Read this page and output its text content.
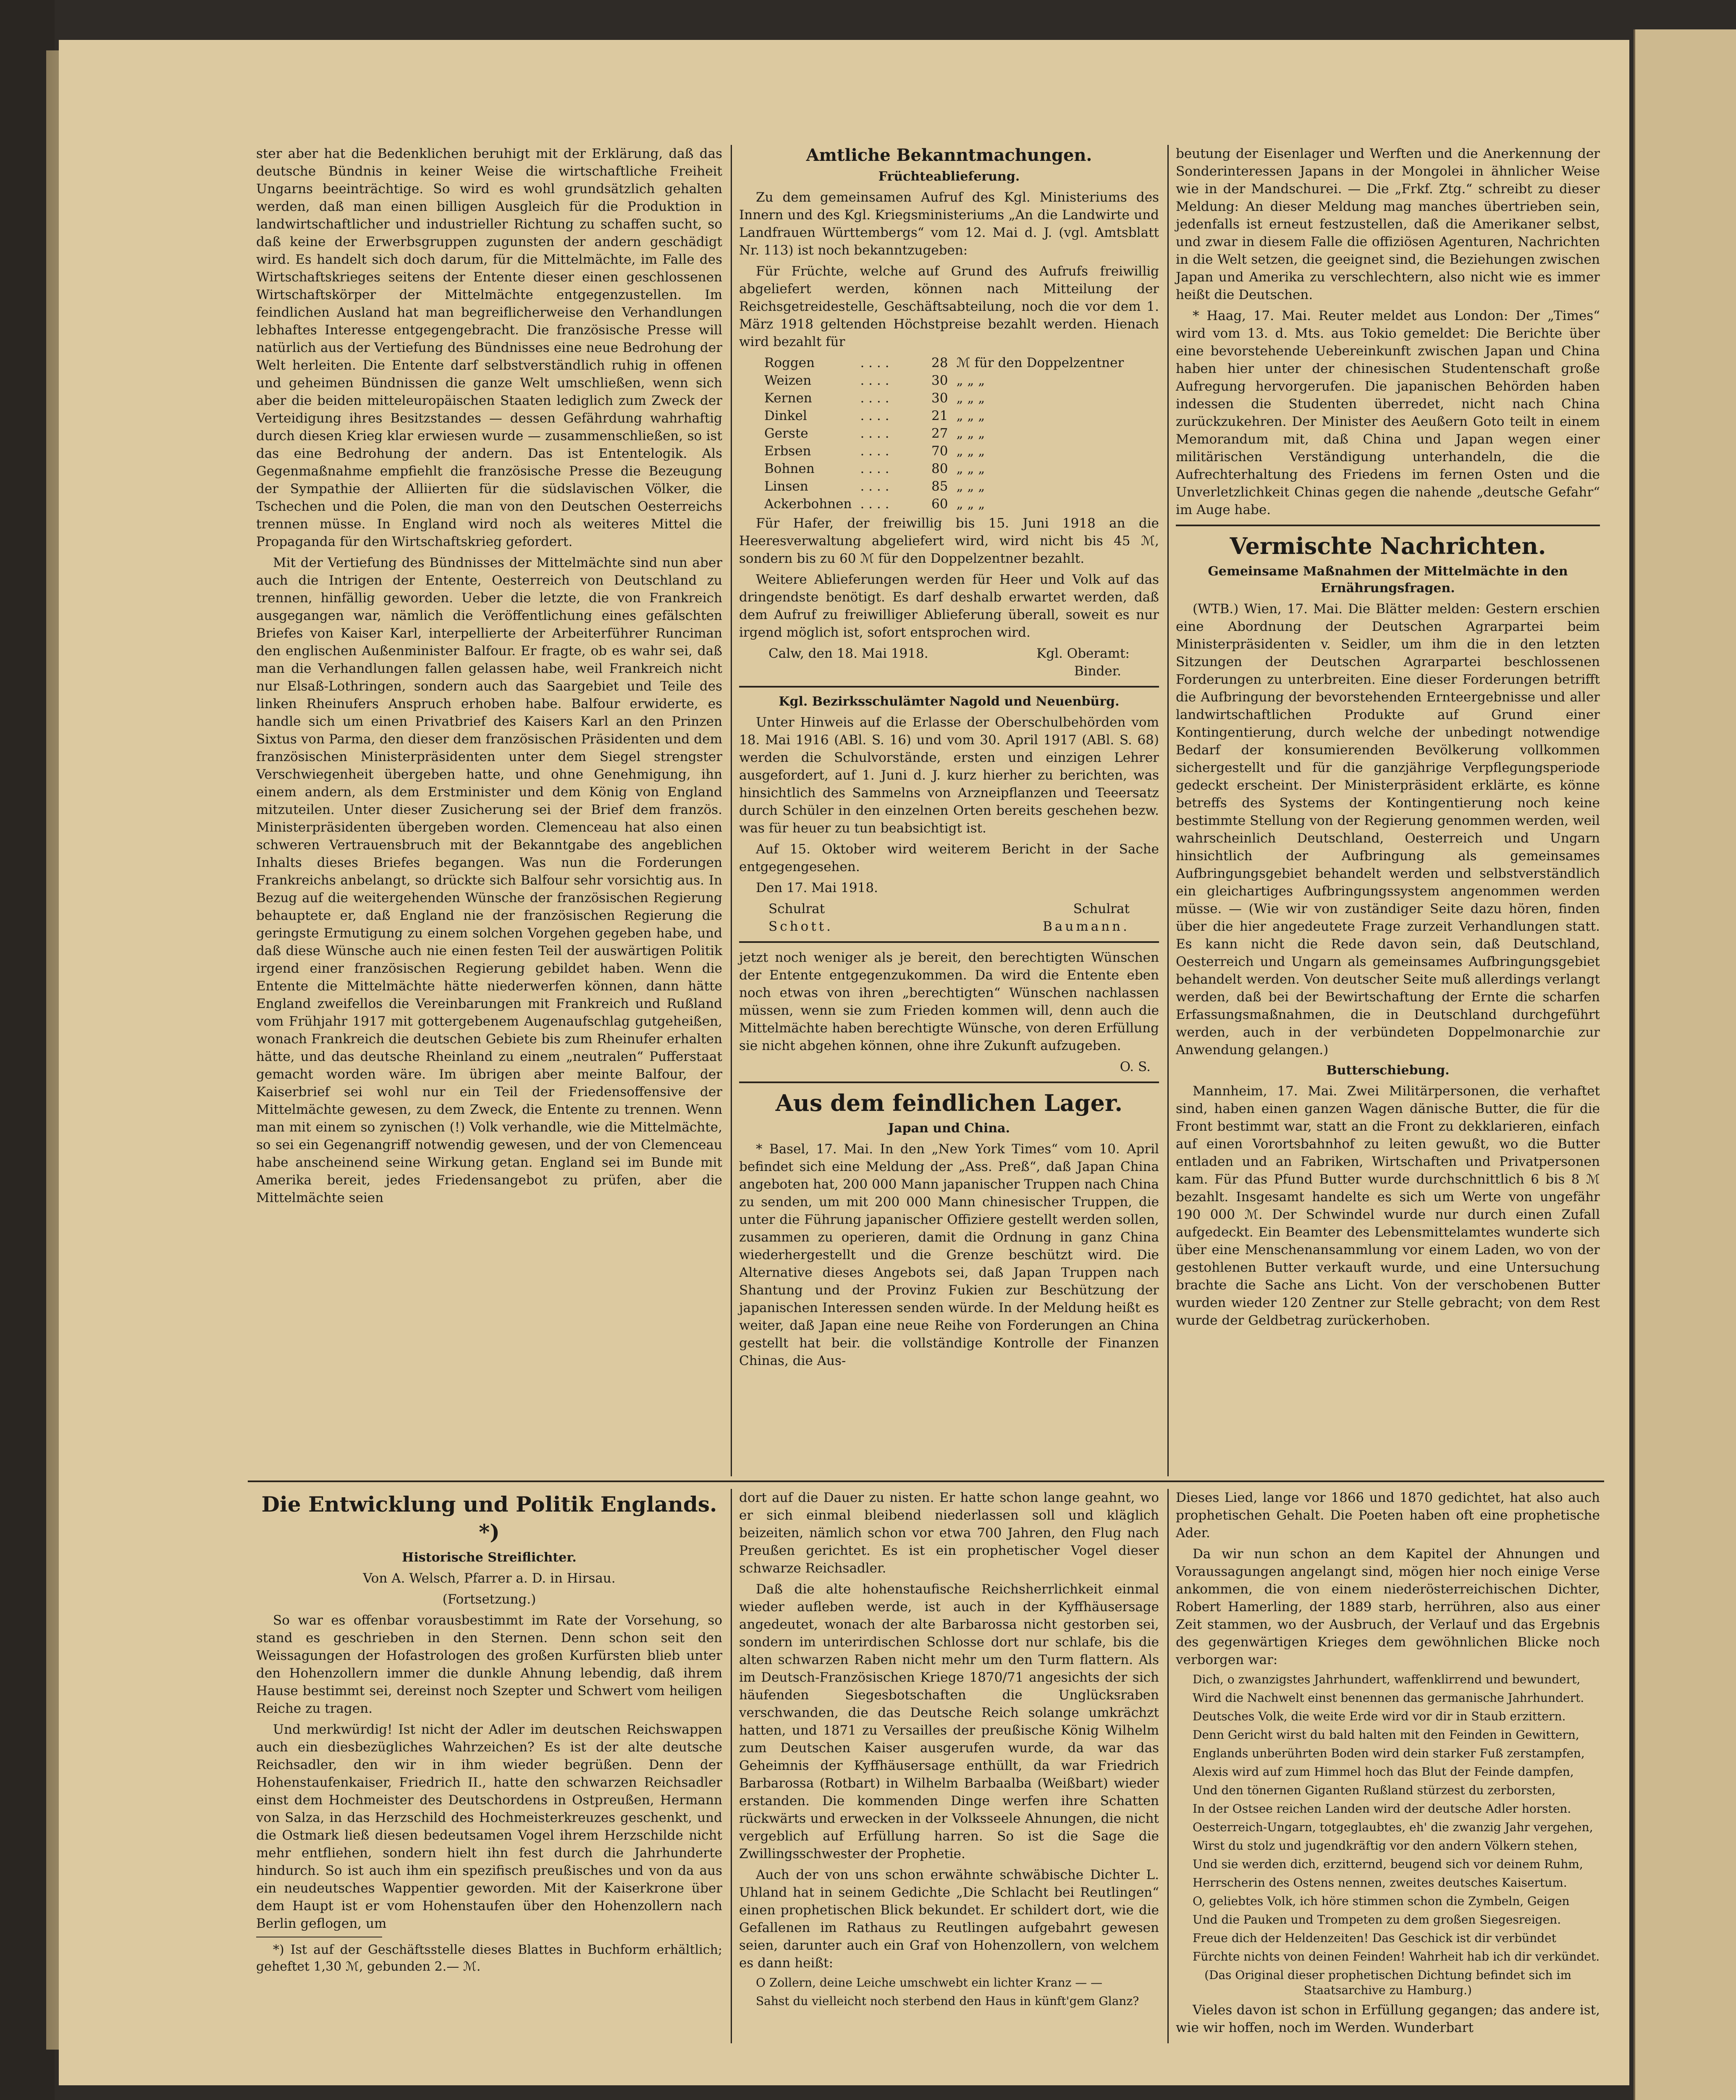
ster aber hat die Bedenklichen beruhigt mit der Erklärung, daß das deutsche Bündnis in keiner Weise die wirtschaftliche Freiheit Ungarns beeinträchtige. So wird es wohl grundsätzlich gehalten werden, daß man einen billigen Ausgleich für die Produktion in landwirtschaftlicher und industrieller Richtung zu schaffen sucht, so daß keine der Erwerbsgruppen zugunsten der andern geschädigt wird. Es handelt sich doch darum, für die Mittelmächte, im Falle des Wirtschaftskrieges seitens der Entente dieser einen geschlossenen Wirtschaftskörper der Mittelmächte entgegenzustellen. Im feindlichen Ausland hat man begreiflicherweise den Verhandlungen lebhaftes Interesse entgegengebracht. Die französische Presse will natürlich aus der Vertiefung des Bündnisses eine neue Bedrohung der Welt herleiten. Die Entente darf selbstverständlich ruhig in offenen und geheimen Bündnissen die ganze Welt umschließen, wenn sich aber die beiden mitteleuropäischen Staaten lediglich zum Zweck der Verteidigung ihres Besitzstandes — dessen Gefährdung wahrhaftig durch diesen Krieg klar erwiesen wurde — zusammenschließen, so ist das eine Bedrohung der andern. Das ist Ententelogik. Als Gegenmaßnahme empfiehlt die französische Presse die Bezeugung der Sympathie der Alliierten für die südslavischen Völker, die Tschechen und die Polen, die man von den Deutschen Oesterreichs trennen müsse. In England wird noch als weiteres Mittel die Propaganda für den Wirtschaftskrieg gefordert.

Mit der Vertiefung des Bündnisses der Mittelmächte sind nun aber auch die Intrigen der Entente, Oesterreich von Deutschland zu trennen, hinfällig geworden. Ueber die letzte, die von Frankreich ausgegangen war, nämlich die Veröffentlichung eines gefälschten Briefes von Kaiser Karl, interpellierte der Arbeiterführer Runciman den englischen Außenminister Balfour. Er fragte, ob es wahr sei, daß man die Verhandlungen fallen gelassen habe, weil Frankreich nicht nur Elsaß-Lothringen, sondern auch das Saargebiet und Teile des linken Rheinufers Anspruch erhoben habe. Balfour erwiderte, es handle sich um einen Privatbrief des Kaisers Karl an den Prinzen Sixtus von Parma, den dieser dem französischen Präsidenten und dem französischen Ministerpräsidenten unter dem Siegel strengster Verschwiegenheit übergeben hatte, und ohne Genehmigung, ihn einem andern, als dem Erstminister und dem König von England mitzuteilen. Unter dieser Zusicherung sei der Brief dem französ. Ministerpräsidenten übergeben worden. Clemenceau hat also einen schweren Vertrauensbruch mit der Bekanntgabe des angeblichen Inhalts dieses Briefes begangen. Was nun die Forderungen Frankreichs anbelangt, so drückte sich Balfour sehr vorsichtig aus. In Bezug auf die weitergehenden Wünsche der französischen Regierung behauptete er, daß England nie der französischen Regierung die geringste Ermutigung zu einem solchen Vorgehen gegeben habe, und daß diese Wünsche auch nie einen festen Teil der auswärtigen Politik irgend einer französischen Regierung gebildet haben. Wenn die Entente die Mittelmächte hätte niederwerfen können, dann hätte England zweifellos die Vereinbarungen mit Frankreich und Rußland vom Frühjahr 1917 mit gottergebenem Augenaufschlag gutgeheißen, wonach Frankreich die deutschen Gebiete bis zum Rheinufer erhalten hätte, und das deutsche Rheinland zu einem „neutralen“ Pufferstaat gemacht worden wäre. Im übrigen aber meinte Balfour, der Kaiserbrief sei wohl nur ein Teil der Friedensoffensive der Mittelmächte gewesen, zu dem Zweck, die Entente zu trennen. Wenn man mit einem so zynischen (!) Volk verhandle, wie die Mittelmächte, so sei ein Gegenangriff notwendig gewesen, und der von Clemenceau habe anscheinend seine Wirkung getan. England sei im Bunde mit Amerika bereit, jedes Friedensangebot zu prüfen, aber die Mittelmächte seien

Amtliche Bekanntmachungen.
Früchteablieferung.

Zu dem gemeinsamen Aufruf des Kgl. Ministeriums des Innern und des Kgl. Kriegsministeriums „An die Landwirte und Landfrauen Württembergs“ vom 12. Mai d. J. (vgl. Amtsblatt Nr. 113) ist noch bekanntzugeben:

Für Früchte, welche auf Grund des Aufrufs freiwillig abgeliefert werden, können nach Mitteilung der Reichsgetreidestelle, Geschäftsabteilung, noch die vor dem 1. März 1918 geltenden Höchstpreise bezahlt werden. Hienach wird bezahlt für

Roggen	. . . .	28	ℳ für den Doppelzentner
Weizen	. . . .	30	„ „ „
Kernen	. . . .	30	„ „ „
Dinkel	. . . .	21	„ „ „
Gerste	. . . .	27	„ „ „
Erbsen	. . . .	70	„ „ „
Bohnen	. . . .	80	„ „ „
Linsen	. . . .	85	„ „ „
Ackerbohnen	. . . .	60	„ „ „

Für Hafer, der freiwillig bis 15. Juni 1918 an die Heeresverwaltung abgeliefert wird, wird nicht bis 45 ℳ, sondern bis zu 60 ℳ für den Doppelzentner bezahlt.

Weitere Ablieferungen werden für Heer und Volk auf das dringendste benötigt. Es darf deshalb erwartet werden, daß dem Aufruf zu freiwilliger Ablieferung überall, soweit es nur irgend möglich ist, sofort entsprochen wird.

Calw, den 18. Mai 1918.	Kgl. Oberamt:
Binder.
Kgl. Bezirksschulämter Nagold und Neuenbürg.

Unter Hinweis auf die Erlasse der Oberschulbehörden vom 18. Mai 1916 (ABl. S. 16) und vom 30. April 1917 (ABl. S. 68) werden die Schulvorstände, ersten und einzigen Lehrer ausgefordert, auf 1. Juni d. J. kurz hierher zu berichten, was hinsichtlich des Sammelns von Arzneipflanzen und Teeersatz durch Schüler in den einzelnen Orten bereits geschehen bezw. was für heuer zu tun beabsichtigt ist.

Auf 15. Oktober wird weiterem Bericht in der Sache entgegengesehen.

Den 17. Mai 1918.

Schulrat	Schulrat
Schott.	Baumann.

jetzt noch weniger als je bereit, den berechtigten Wünschen der Entente entgegenzukommen. Da wird die Entente eben noch etwas von ihren „berechtigten“ Wünschen nachlassen müssen, wenn sie zum Frieden kommen will, denn auch die Mittelmächte haben berechtigte Wünsche, von deren Erfüllung sie nicht abgehen können, ohne ihre Zukunft aufzugeben.

O. S.
Aus dem feindlichen Lager.
Japan und China.

* Basel, 17. Mai. In den „New York Times“ vom 10. April befindet sich eine Meldung der „Ass. Preß“, daß Japan China angeboten hat, 200 000 Mann japanischer Truppen nach China zu senden, um mit 200 000 Mann chinesischer Truppen, die unter die Führung japanischer Offiziere gestellt werden sollen, zusammen zu operieren, damit die Ordnung in ganz China wiederhergestellt und die Grenze beschützt wird. Die Alternative dieses Angebots sei, daß Japan Truppen nach Shantung und der Provinz Fukien zur Beschützung der japanischen Interessen senden würde. In der Meldung heißt es weiter, daß Japan eine neue Reihe von Forderungen an China gestellt hat beir. die vollständige Kontrolle der Finanzen Chinas, die Aus-

beutung der Eisenlager und Werften und die Anerkennung der Sonderinteressen Japans in der Mongolei in ähnlicher Weise wie in der Mandschurei. — Die „Frkf. Ztg.“ schreibt zu dieser Meldung: An dieser Meldung mag manches übertrieben sein, jedenfalls ist erneut festzustellen, daß die Amerikaner selbst, und zwar in diesem Falle die offiziösen Agenturen, Nachrichten in die Welt setzen, die geeignet sind, die Beziehungen zwischen Japan und Amerika zu verschlechtern, also nicht wie es immer heißt die Deutschen.

* Haag, 17. Mai. Reuter meldet aus London: Der „Times“ wird vom 13. d. Mts. aus Tokio gemeldet: Die Berichte über eine bevorstehende Uebereinkunft zwischen Japan und China haben hier unter der chinesischen Studentenschaft große Aufregung hervorgerufen. Die japanischen Behörden haben indessen die Studenten überredet, nicht nach China zurückzukehren. Der Minister des Aeußern Goto teilt in einem Memorandum mit, daß China und Japan wegen einer militärischen Verständigung unterhandeln, die die Aufrechterhaltung des Friedens im fernen Osten und die Unverletzlichkeit Chinas gegen die nahende „deutsche Gefahr“ im Auge habe.

Vermischte Nachrichten.
Gemeinsame Maßnahmen der Mittelmächte in den Ernährungsfragen.

(WTB.) Wien, 17. Mai. Die Blätter melden: Gestern erschien eine Abordnung der Deutschen Agrarpartei beim Ministerpräsidenten v. Seidler, um ihm die in den letzten Sitzungen der Deutschen Agrarpartei beschlossenen Forderungen zu unterbreiten. Eine dieser Forderungen betrifft die Aufbringung der bevorstehenden Ernteergebnisse und aller landwirtschaftlichen Produkte auf Grund einer Kontingentierung, durch welche der unbedingt notwendige Bedarf der konsumierenden Bevölkerung vollkommen sichergestellt und für die ganzjährige Verpflegungsperiode gedeckt erscheint. Der Ministerpräsident erklärte, es könne betreffs des Systems der Kontingentierung noch keine bestimmte Stellung von der Regierung genommen werden, weil wahrscheinlich Deutschland, Oesterreich und Ungarn hinsichtlich der Aufbringung als gemeinsames Aufbringungsgebiet behandelt werden und selbstverständlich ein gleichartiges Aufbringungssystem angenommen werden müsse. — (Wie wir von zuständiger Seite dazu hören, finden über die hier angedeutete Frage zurzeit Verhandlungen statt. Es kann nicht die Rede davon sein, daß Deutschland, Oesterreich und Ungarn als gemeinsames Aufbringungsgebiet behandelt werden. Von deutscher Seite muß allerdings verlangt werden, daß bei der Bewirtschaftung der Ernte die scharfen Erfassungsmaßnahmen, die in Deutschland durchgeführt werden, auch in der verbündeten Doppelmonarchie zur Anwendung gelangen.)

Butterschiebung.

Mannheim, 17. Mai. Zwei Militärpersonen, die verhaftet sind, haben einen ganzen Wagen dänische Butter, die für die Front bestimmt war, statt an die Front zu dekklarieren, einfach auf einen Vorortsbahnhof zu leiten gewußt, wo die Butter entladen und an Fabriken, Wirtschaften und Privatpersonen kam. Für das Pfund Butter wurde durchschnittlich 6 bis 8 ℳ bezahlt. Insgesamt handelte es sich um Werte von ungefähr 190 000 ℳ. Der Schwindel wurde nur durch einen Zufall aufgedeckt. Ein Beamter des Lebensmittelamtes wunderte sich über eine Menschenansammlung vor einem Laden, wo von der gestohlenen Butter verkauft wurde, und eine Untersuchung brachte die Sache ans Licht. Von der verschobenen Butter wurden wieder 120 Zentner zur Stelle gebracht; von dem Rest wurde der Geldbetrag zurückerhoben.

Die Entwicklung und Politik Englands. *)
Historische Streiflichter.

Von A. Welsch, Pfarrer a. D. in Hirsau.

(Fortsetzung.)

So war es offenbar vorausbestimmt im Rate der Vorsehung, so stand es geschrieben in den Sternen. Denn schon seit den Weissagungen der Hofastrologen des großen Kurfürsten blieb unter den Hohenzollern immer die dunkle Ahnung lebendig, daß ihrem Hause bestimmt sei, dereinst noch Szepter und Schwert vom heiligen Reiche zu tragen.

Und merkwürdig! Ist nicht der Adler im deutschen Reichswappen auch ein diesbezügliches Wahrzeichen? Es ist der alte deutsche Reichsadler, den wir in ihm wieder begrüßen. Denn der Hohenstaufenkaiser, Friedrich II., hatte den schwarzen Reichsadler einst dem Hochmeister des Deutschordens in Ostpreußen, Hermann von Salza, in das Herzschild des Hochmeisterkreuzes geschenkt, und die Ostmark ließ diesen bedeutsamen Vogel ihrem Herzschilde nicht mehr entfliehen, sondern hielt ihn fest durch die Jahrhunderte hindurch. So ist auch ihm ein spezifisch preußisches und von da aus ein neudeutsches Wappentier geworden. Mit der Kaiserkrone über dem Haupt ist er vom Hohenstaufen über den Hohenzollern nach Berlin geflogen, um

*) Ist auf der Geschäftsstelle dieses Blattes in Buchform erhältlich; geheftet 1,30 ℳ, gebunden 2.— ℳ.

dort auf die Dauer zu nisten. Er hatte schon lange geahnt, wo er sich einmal bleibend niederlassen soll und kläglich beizeiten, nämlich schon vor etwa 700 Jahren, den Flug nach Preußen gerichtet. Es ist ein prophetischer Vogel dieser schwarze Reichsadler.

Daß die alte hohenstaufische Reichsherrlichkeit einmal wieder aufleben werde, ist auch in der Kyffhäusersage angedeutet, wonach der alte Barbarossa nicht gestorben sei, sondern im unterirdischen Schlosse dort nur schlafe, bis die alten schwarzen Raben nicht mehr um den Turm flattern. Als im Deutsch-Französischen Kriege 1870/71 angesichts der sich häufenden Siegesbotschaften die Unglücksraben verschwanden, die das Deutsche Reich solange umkrächzt hatten, und 1871 zu Versailles der preußische König Wilhelm zum Deutschen Kaiser ausgerufen wurde, da war das Geheimnis der Kyffhäusersage enthüllt, da war Friedrich Barbarossa (Rotbart) in Wilhelm Barbaalba (Weißbart) wieder erstanden. Die kommenden Dinge werfen ihre Schatten rückwärts und erwecken in der Volksseele Ahnungen, die nicht vergeblich auf Erfüllung harren. So ist die Sage die Zwillingsschwester der Prophetie.

Auch der von uns schon erwähnte schwäbische Dichter L. Uhland hat in seinem Gedichte „Die Schlacht bei Reutlingen“ einen prophetischen Blick bekundet. Er schildert dort, wie die Gefallenen im Rathaus zu Reutlingen aufgebahrt gewesen seien, darunter auch ein Graf von Hohenzollern, von welchem es dann heißt:

O Zollern, deine Leiche umschwebt ein lichter Kranz — —

Sahst du vielleicht noch sterbend den Haus in künft'gem Glanz?

Dieses Lied, lange vor 1866 und 1870 gedichtet, hat also auch prophetischen Gehalt. Die Poeten haben oft eine prophetische Ader.

Da wir nun schon an dem Kapitel der Ahnungen und Voraussagungen angelangt sind, mögen hier noch einige Verse ankommen, die von einem niederösterreichischen Dichter, Robert Hamerling, der 1889 starb, herrühren, also aus einer Zeit stammen, wo der Ausbruch, der Verlauf und das Ergebnis des gegenwärtigen Krieges dem gewöhnlichen Blicke noch verborgen war:

Dich, o zwanzigstes Jahrhundert, waffenklirrend und bewundert,

Wird die Nachwelt einst benennen das germanische Jahrhundert.

Deutsches Volk, die weite Erde wird vor dir in Staub erzittern.

Denn Gericht wirst du bald halten mit den Feinden in Gewittern,

Englands unberührten Boden wird dein starker Fuß zerstampfen,

Alexis wird auf zum Himmel hoch das Blut der Feinde dampfen,

Und den tönernen Giganten Rußland stürzest du zerborsten,

In der Ostsee reichen Landen wird der deutsche Adler horsten.

Oesterreich-Ungarn, totgeglaubtes, eh' die zwanzig Jahr vergehen,

Wirst du stolz und jugendkräftig vor den andern Völkern stehen,

Und sie werden dich, erzitternd, beugend sich vor deinem Ruhm,

Herrscherin des Ostens nennen, zweites deutsches Kaisertum.

O, geliebtes Volk, ich höre stimmen schon die Zymbeln, Geigen

Und die Pauken und Trompeten zu dem großen Siegesreigen.

Freue dich der Heldenzeiten! Das Geschick ist dir verbündet

Fürchte nichts von deinen Feinden! Wahrheit hab ich dir verkündet.

(Das Original dieser prophetischen Dichtung befindet sich im Staatsarchive zu Hamburg.)

Vieles davon ist schon in Erfüllung gegangen; das andere ist, wie wir hoffen, noch im Werden. Wunderbart
